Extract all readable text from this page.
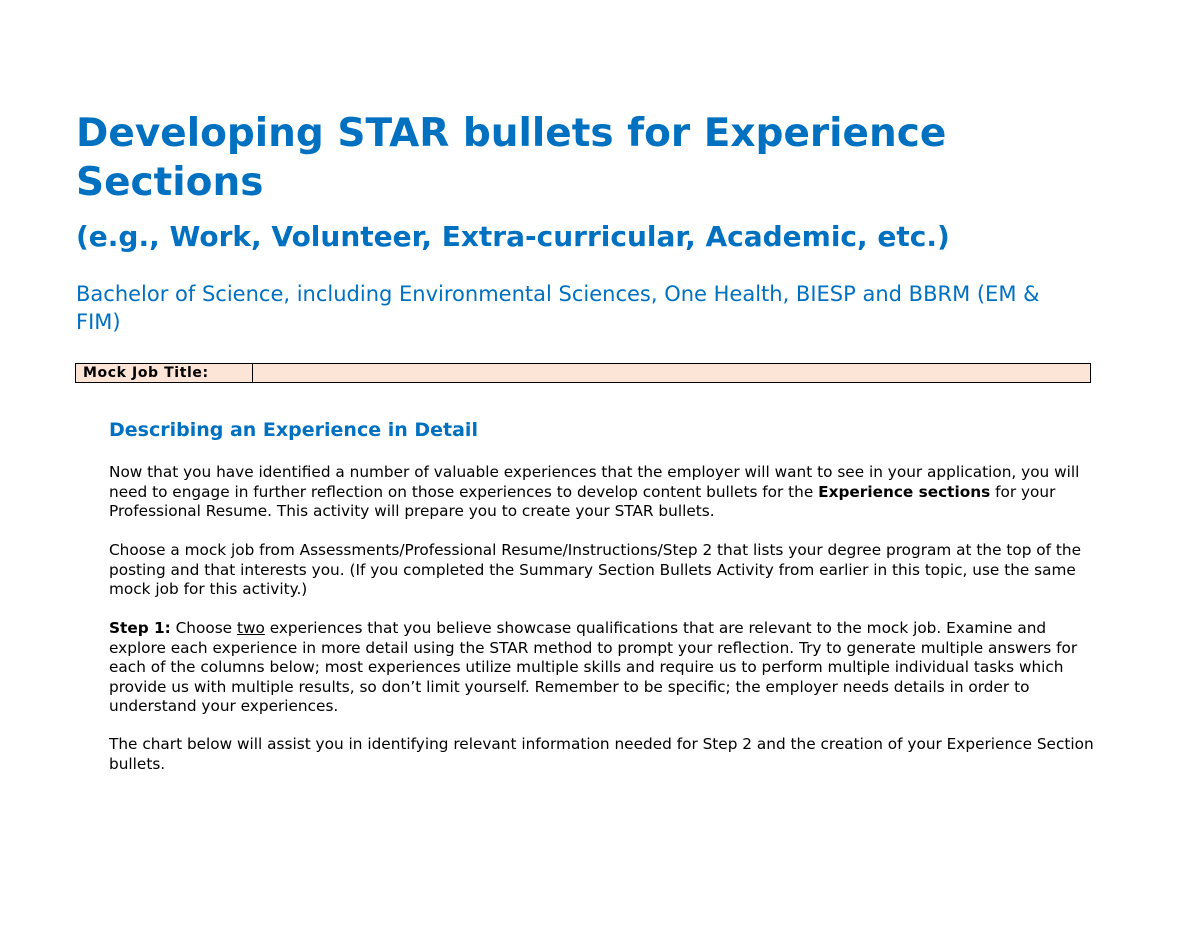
Developing STAR bullets for Experience Sections
(e.g., Work, Volunteer, Extra-curricular, Academic, etc.)

Bachelor of Science, including Environmental Sciences, One Health, BIESP and BBRM (EM & FIM)

Mock Job Title:	
Describing an Experience in Detail

Now that you have identified a number of valuable experiences that the employer will want to see in your application, you will need to engage in further reflection on those experiences to develop content bullets for the Experience sections for your Professional Resume. This activity will prepare you to create your STAR bullets.

Choose a mock job from Assessments/Professional Resume/Instructions/Step 2 that lists your degree program at the top of the posting and that interests you. (If you completed the Summary Section Bullets Activity from earlier in this topic, use the same mock job for this activity.)

Step 1: Choose two experiences that you believe showcase qualifications that are relevant to the mock job. Examine and explore each experience in more detail using the STAR method to prompt your reflection. Try to generate multiple answers for each of the columns below; most experiences utilize multiple skills and require us to perform multiple individual tasks which provide us with multiple results, so don’t limit yourself. Remember to be specific; the employer needs details in order to understand your experiences.

The chart below will assist you in identifying relevant information needed for Step 2 and the creation of your Experience Section bullets.
